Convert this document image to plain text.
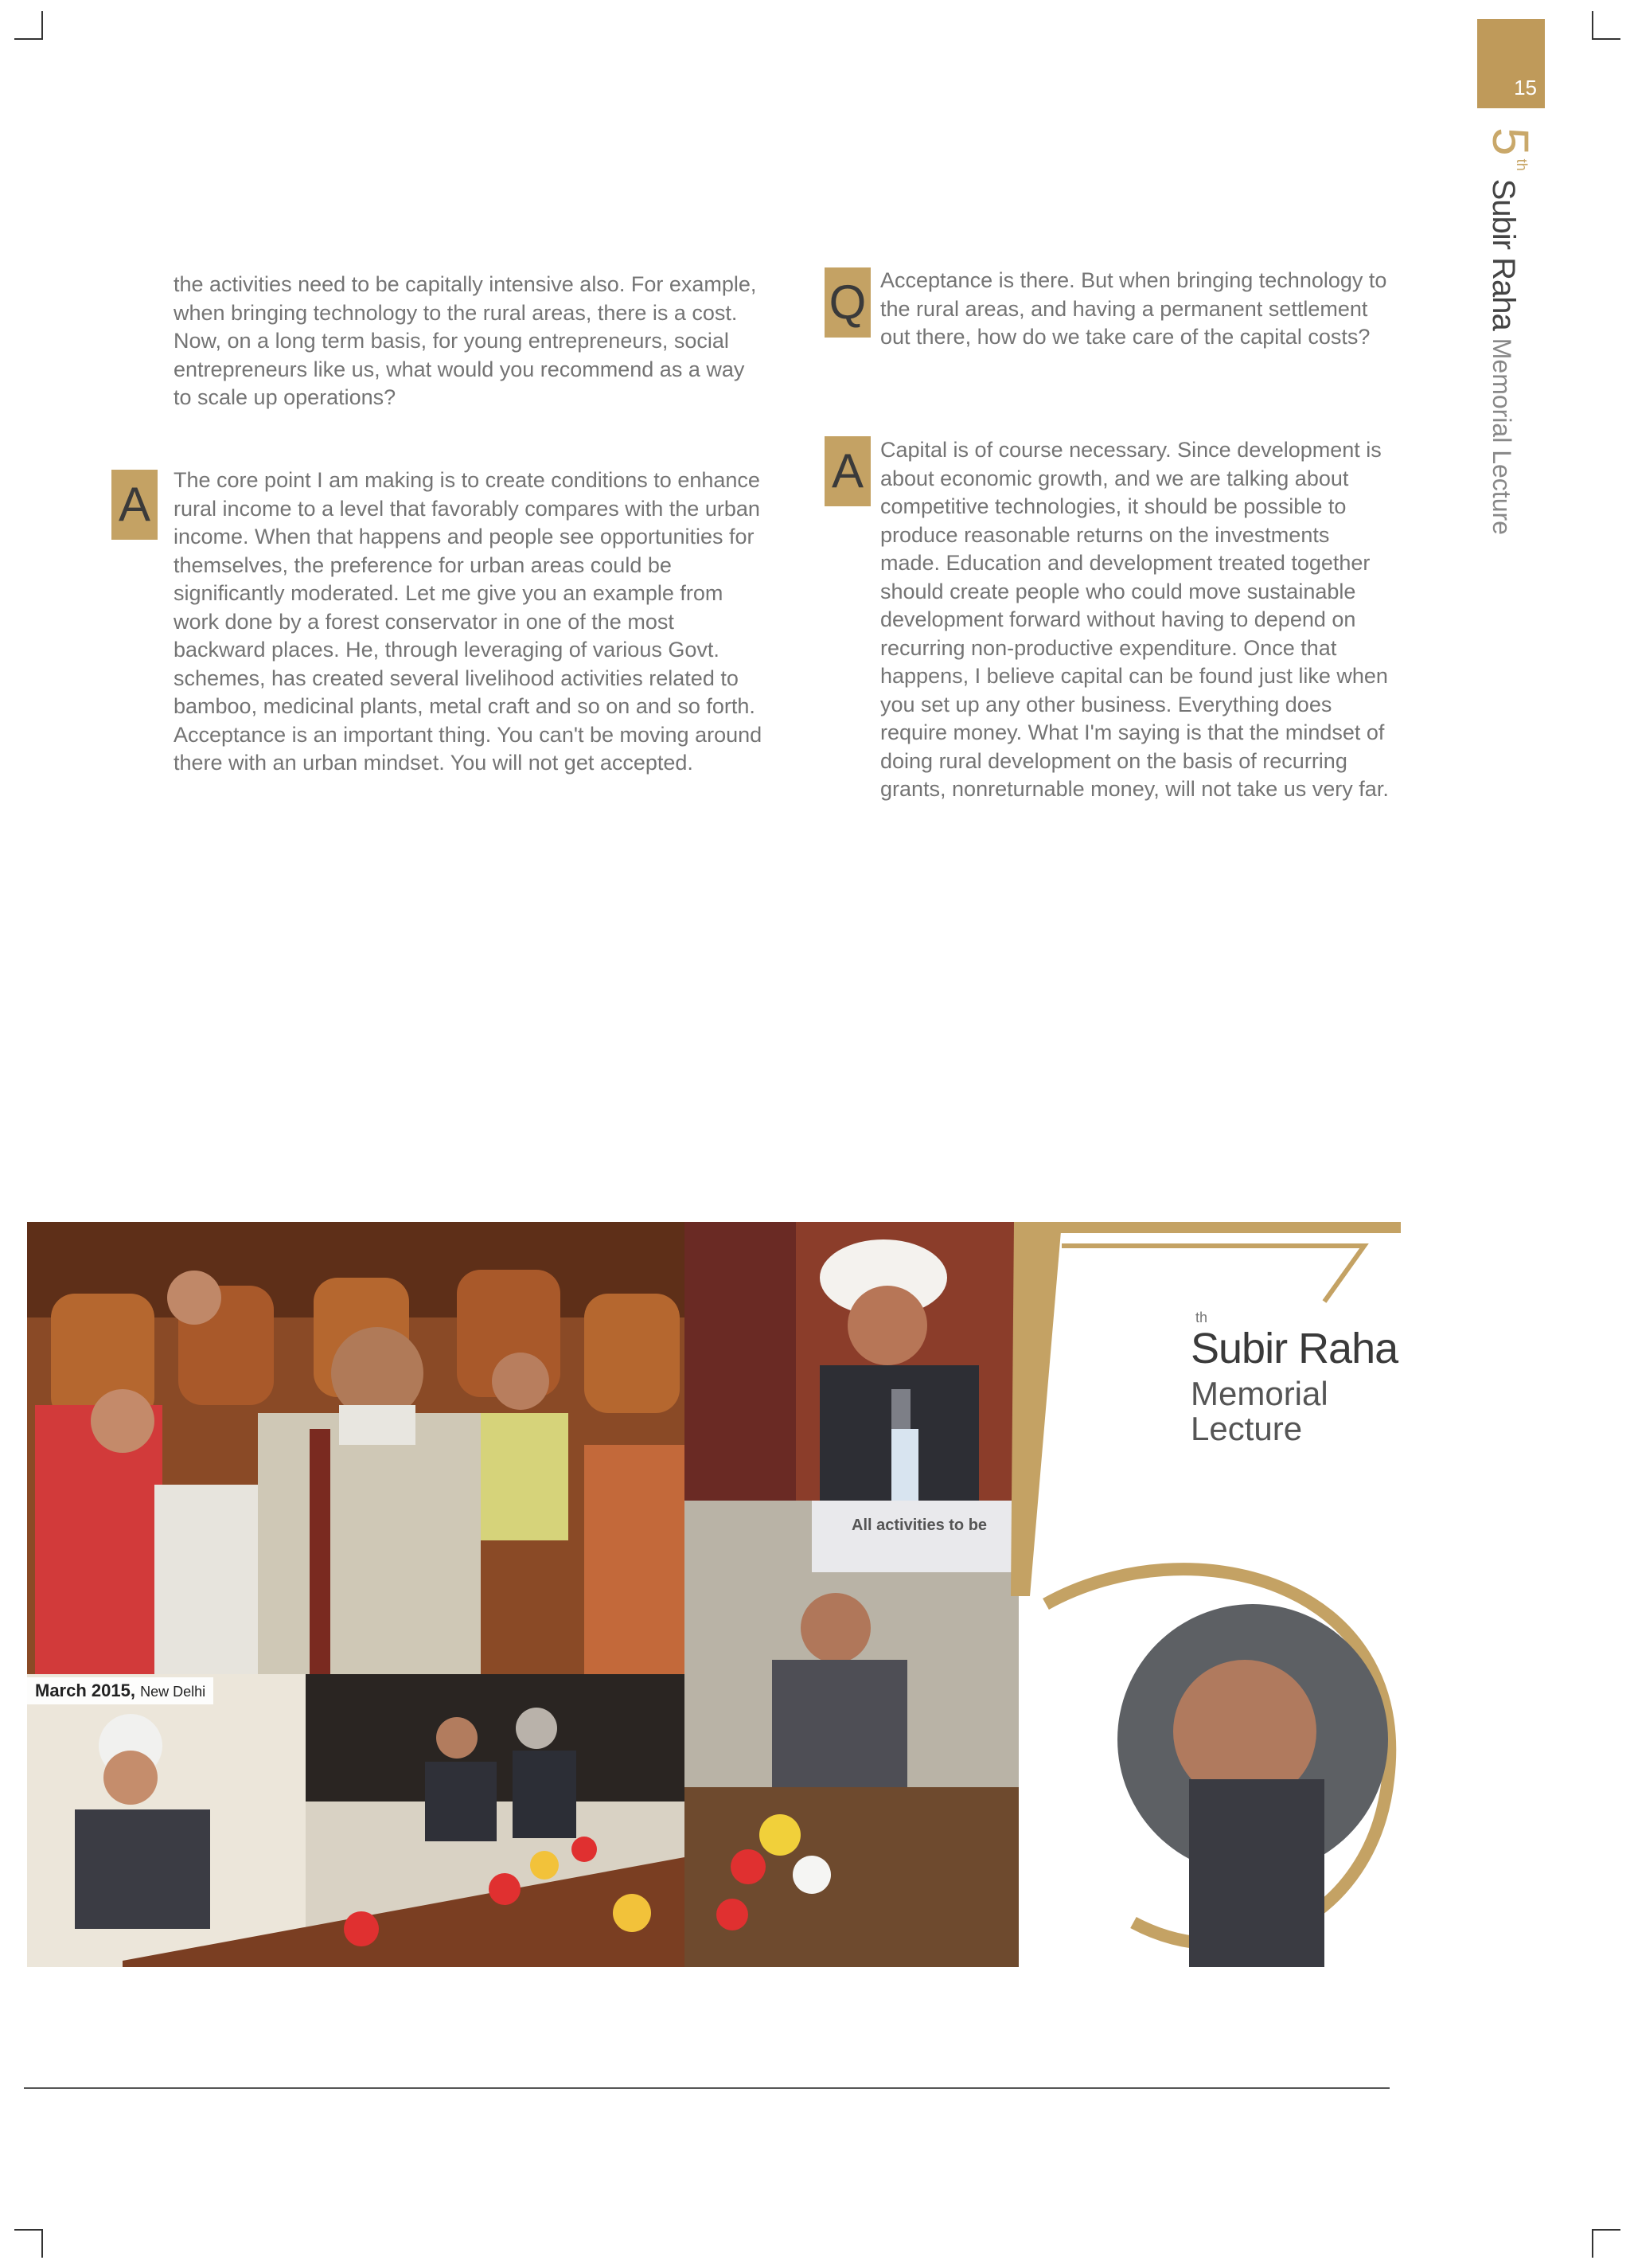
15
5
th
Subir Raha
Memorial Lecture
the activities need to be capitally intensive also. For example, when bringing technology to the rural areas, there is a cost. Now, on a long term basis, for young entrepreneurs, social entrepreneurs like us, what would you recommend as a way to scale up operations?
A	The core point I am making is to create conditions to enhance rural income to a level that favorably compares with the urban income. When that happens and people see opportunities for themselves, the preference for urban areas could be significantly moderated. Let me give you an example from work done by a forest conservator in one of the most backward places. He, through leveraging of various Govt. schemes, has created several livelihood activities related to bamboo, medicinal plants, metal craft and so on and so forth. Acceptance is an important thing. You can't be moving around there with an urban mindset. You will not get accepted.
Q Acceptance is there. But when bringing technology to the rural areas, and having a permanent settlement out there, how do we take care of the capital costs?
A Capital is of course necessary. Since development is about economic growth, and we are talking about competitive technologies, it should be possible to produce reasonable returns on the investments made. Education and development treated together should create people who could move sustainable development forward without having to depend on recurring non-productive expenditure. Once that happens, I believe capital can be found just like when you set up any other business. Everything does require money. What I'm saying is that the mindset of doing rural development on the basis of recurring grants, nonreturnable money, will not take us very far.
March 2015, New Delhi
All activities to be
th
Subir Raha
Memorial
Lecture
